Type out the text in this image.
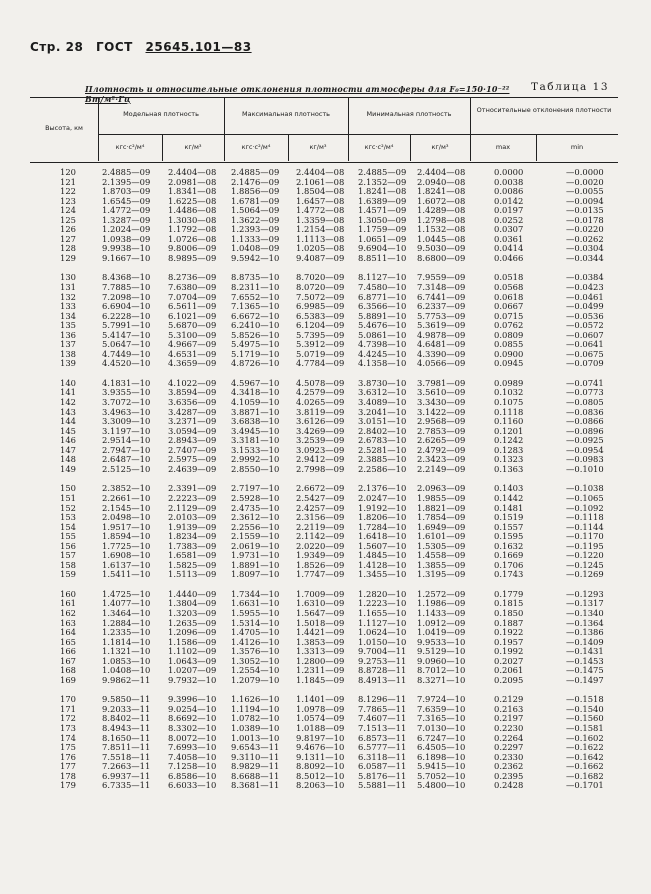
Стр. 28 ГОСТ 25645.101—83
Таблица 13
Плотность и относительные отклонения плотности атмосферы для F₀=150·10⁻²² Вт/м²·Гц
Высота, км
Модельная плотность	Максимальная плотность	Минимальная плотность	Относительные отклонения плотности
кгс·с²/м⁴	кг/м³	кгс·с²/м⁴	кг/м³	кгс·с²/м⁴	кг/м³	max	min
120	2.4885—09	2.4404—08	2.4885—09	2.4404—08	2.4885—09	2.4404—08	0.0000	—0.0000
121	2.1395—09	2.0981—08	2.1476—09	2.1061—08	2.1352—09	2.0940—08	0.0038	—0.0020
122	1.8703—09	1.8341—08	1.8856—09	1.8504—08	1.8241—08	1.8241—08	0.0086	—0.0055
123	1.6545—09	1.6225—08	1.6781—09	1.6457—08	1.6389—09	1.6072—08	0.0142	—0.0094
124	1.4772—09	1.4486—08	1.5064—09	1.4772—08	1.4571—09	1.4289—08	0.0197	—0.0135
125	1.3287—09	1.3030—08	1.3622—09	1.3359—08	1.3050—09	1.2798—08	0.0252	—0.0178
126	1.2024—09	1.1792—08	1.2393—09	1.2154—08	1.1759—09	1.1532—08	0.0307	—0.0220
127	1.0938—09	1.0726—08	1.1333—09	1.1113—08	1.0651—09	1.0445—08	0.0361	—0.0262
128	9.9938—10	9.8006—09	1.0408—09	1.0205—08	9.6904—10	9.5030—09	0.0414	—0.0304
129	9.1667—10	8.9895—09	9.5942—10	9.4087—09	8.8511—10	8.6800—09	0.0466	—0.0344
130	8.4368—10	8.2736—09	8.8735—10	8.7020—09	8.1127—10	7.9559—09	0.0518	—0.0384
131	7.7885—10	7.6380—09	8.2311—10	8.0720—09	7.4580—10	7.3148—09	0.0568	—0.0423
132	7.2098—10	7.0704—09	7.6552—10	7.5072—09	6.8771—10	6.7441—09	0.0618	—0.0461
133	6.6904—10	6.5611—09	7.1365—10	6.9985—09	6.3566—10	6.2337—09	0.0667	—0.0499
134	6.2228—10	6.1021—09	6.6672—10	6.5383—09	5.8891—10	5.7753—09	0.0715	—0.0536
135	5.7991—10	5.6870—09	6.2410—10	6.1204—09	5.4676—10	5.3619—09	0.0762	—0.0572
136	5.4147—10	5.3100—09	5.8526—10	5.7395—09	5.0861—10	4.9878—09	0.0809	—0.0607
137	5.0647—10	4.9667—09	5.4975—10	5.3912—09	4.7398—10	4.6481—09	0.0855	—0.0641
138	4.7449—10	4.6531—09	5.1719—10	5.0719—09	4.4245—10	4.3390—09	0.0900	—0.0675
139	4.4520—10	4.3659—09	4.8726—10	4.7784—09	4.1358—10	4.0566—09	0.0945	—0.0709
140	4.1831—10	4.1022—09	4.5967—10	4.5078—09	3.8730—10	3.7981—09	0.0989	—0.0741
141	3.9355—10	3.8594—09	4.3418—10	4.2579—09	3.6312—10	3.5610—09	0.1032	—0.0773
142	3.7072—10	3.6356—09	4.1059—10	4.0265—09	3.4089—10	3.3430—09	0.1075	—0.0805
143	3.4963—10	3.4287—09	3.8871—10	3.8119—09	3.2041—10	3.1422—09	0.1118	—0.0836
144	3.3009—10	3.2371—09	3.6838—10	3.6126—09	3.0151—10	2.9568—09	0.1160	—0.0866
145	3.1197—10	3.0594—09	3.4945—10	3.4269—09	2.8402—10	2.7853—09	0.1201	—0.0896
146	2.9514—10	2.8943—09	3.3181—10	3.2539—09	2.6783—10	2.6265—09	0.1242	—0.0925
147	2.7947—10	2.7407—09	3.1533—10	3.0923—09	2.5281—10	2.4792—09	0.1283	—0.0954
148	2.6487—10	2.5975—09	2.9992—10	2.9412—09	2.3885—10	2.3423—09	0.1323	—0.0983
149	2.5125—10	2.4639—09	2.8550—10	2.7998—09	2.2586—10	2.2149—09	0.1363	—0.1010
150	2.3852—10	2.3391—09	2.7197—10	2.6672—09	2.1376—10	2.0963—09	0.1403	—0.1038
151	2.2661—10	2.2223—09	2.5928—10	2.5427—09	2.0247—10	1.9855—09	0.1442	—0.1065
152	2.1545—10	2.1129—09	2.4735—10	2.4257—09	1.9192—10	1.8821—09	0.1481	—0.1092
153	2.0498—10	2.0103—09	2.3612—10	2.3156—09	1.8206—10	1.7854—09	0.1519	—0.1118
154	1.9517—10	1.9139—09	2.2556—10	2.2119—09	1.7284—10	1.6949—09	0.1557	—0.1144
155	1.8594—10	1.8234—09	2.1559—10	2.1142—09	1.6418—10	1.6101—09	0.1595	—0.1170
156	1.7725—10	1.7383—09	2.0619—10	2.0220—09	1.5607—10	1.5305—09	0.1632	—0.1195
157	1.6908—10	1.6581—09	1.9731—10	1.9349—09	1.4845—10	1.4558—09	0.1669	—0.1220
158	1.6137—10	1.5825—09	1.8891—10	1.8526—09	1.4128—10	1.3855—09	0.1706	—0.1245
159	1.5411—10	1.5113—09	1.8097—10	1.7747—09	1.3455—10	1.3195—09	0.1743	—0.1269
160	1.4725—10	1.4440—09	1.7344—10	1.7009—09	1.2820—10	1.2572—09	0.1779	—0.1293
161	1.4077—10	1.3804—09	1.6631—10	1.6310—09	1.2223—10	1.1986—09	0.1815	—0.1317
162	1.3464—10	1.3203—09	1.5955—10	1.5647—09	1.1655—10	1.1433—09	0.1850	—0.1340
163	1.2884—10	1.2635—09	1.5314—10	1.5018—09	1.1127—10	1.0912—09	0.1887	—0.1364
164	1.2335—10	1.2096—09	1.4705—10	1.4421—09	1.0624—10	1.0419—09	0.1922	—0.1386
165	1.1814—10	1.1586—09	1.4126—10	1.3853—09	1.0150—10	9.9533—10	0.1957	—0.1409
166	1.1321—10	1.1102—09	1.3576—10	1.3313—09	9.7004—11	9.5129—10	0.1992	—0.1431
167	1.0853—10	1.0643—09	1.3052—10	1.2800—09	9.2753—11	9.0960—10	0.2027	—0.1453
168	1.0408—10	1.0207—09	1.2554—10	1.2311—09	8.8728—11	8.7012—10	0.2061	—0.1475
169	9.9862—11	9.7932—10	1.2079—10	1.1845—09	8.4913—11	8.3271—10	0.2095	—0.1497
170	9.5850—11	9.3996—10	1.1626—10	1.1401—09	8.1296—11	7.9724—10	0.2129	—0.1518
171	9.2033—11	9.0254—10	1.1194—10	1.0978—09	7.7865—11	7.6359—10	0.2163	—0.1540
172	8.8402—11	8.6692—10	1.0782—10	1.0574—09	7.4607—11	7.3165—10	0.2197	—0.1560
173	8.4943—11	8.3302—10	1.0389—10	1.0188—09	7.1513—11	7.0130—10	0.2230	—0.1581
174	8.1650—11	8.0072—10	1.0013—10	9.8197—10	6.8573—11	6.7247—10	0.2264	—0.1602
175	7.8511—11	7.6993—10	9.6543—11	9.4676—10	6.5777—11	6.4505—10	0.2297	—0.1622
176	7.5518—11	7.4058—10	9.3110—11	9.1311—10	6.3118—11	6.1898—10	0.2330	—0.1642
177	7.2663—11	7.1258—10	8.9829—11	8.8092—10	6.0587—11	5.9415—10	0.2362	—0.1662
178	6.9937—11	6.8586—10	8.6688—11	8.5012—10	5.8176—11	5.7052—10	0.2395	—0.1682
179	6.7335—11	6.6033—10	8.3681—11	8.2063—10	5.5881—11	5.4800—10	0.2428	—0.1701
